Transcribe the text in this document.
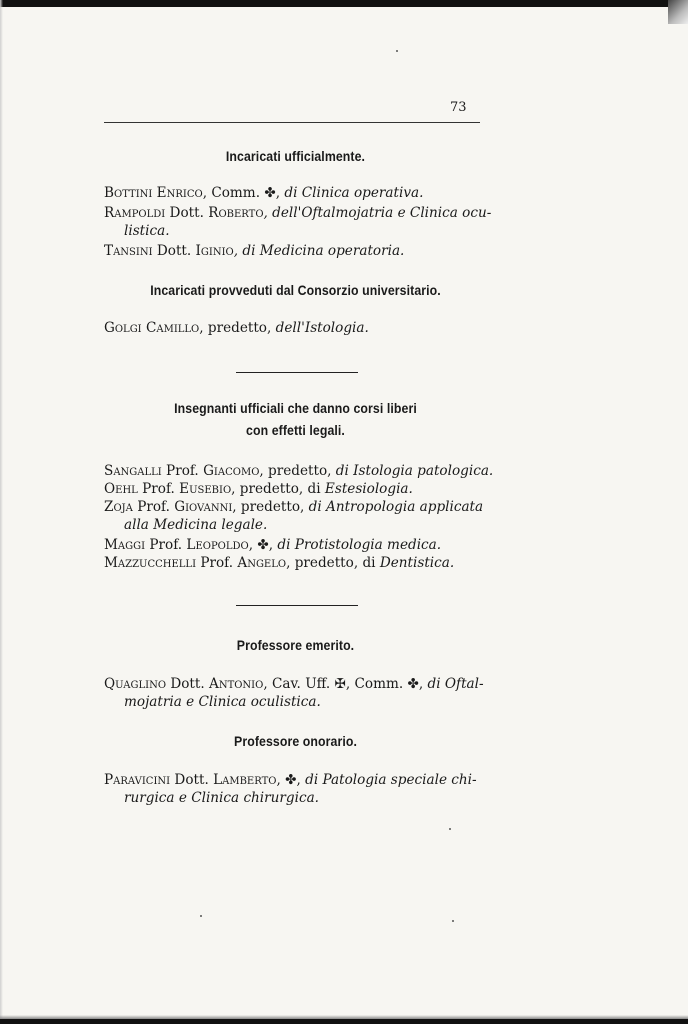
73
Incaricati ufficialmente.
Bottini Enrico, Comm. ✤, di Clinica operativa.
Rampoldi Dott. Roberto, dell'Oftalmojatria e Clinica ocu-
listica.
Tansini Dott. Iginio, di Medicina operatoria.
Incaricati provveduti dal Consorzio universitario.
Golgi Camillo, predetto, dell'Istologia.
Insegnanti ufficiali che danno corsi liberi
con effetti legali.
Sangalli Prof. Giacomo, predetto, di Istologia patologica.
Oehl Prof. Eusebio, predetto, di Estesiologia.
Zoja Prof. Giovanni, predetto, di Antropologia applicata
alla Medicina legale.
Maggi Prof. Leopoldo, ✤, di Protistologia medica.
Mazzucchelli Prof. Angelo, predetto, di Dentistica.
Professore emerito.
Quaglino Dott. Antonio, Cav. Uff. ✠, Comm. ✤, di Oftal-
mojatria e Clinica oculistica.
Professore onorario.
Paravicini Dott. Lamberto, ✤, di Patologia speciale chi-
rurgica e Clinica chirurgica.
